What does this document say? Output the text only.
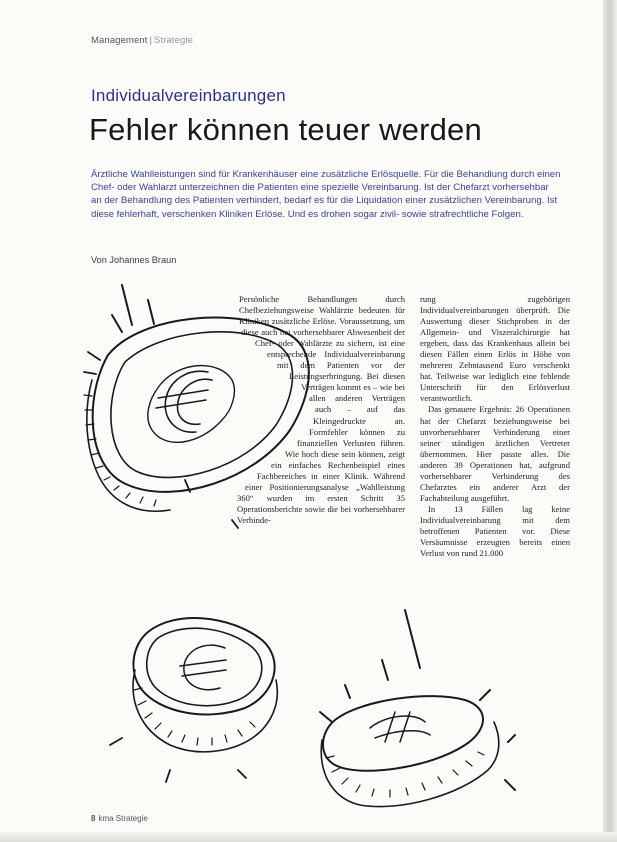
Management | Strategie
Individualvereinbarungen
Fehler können teuer werden

Ärztliche Wahlleistungen sind für Krankenhäuser eine zusätzliche Erlösquelle. Für die Behandlung durch einen Chef- oder Wahlarzt unterzeichnen die Patienten eine spezielle Vereinbarung. Ist der Chefarzt vorhersehbar an der Behandlung des Patienten verhindert, bedarf es für die Liquidation einer zusätzlichen Vereinbarung. Ist diese fehlerhaft, verschenken Kliniken Erlöse. Und es drohen sogar zivil- sowie strafrechtliche Folgen.

Von Johannes Braun

Persönliche Behandlungen durch Chefbeziehungsweise Wahlärzte bedeuten für Kliniken zusätzliche Erlöse. Voraussetzung, um diese auch bei vorhersehbarer Abwesenheit der Chef- oder Wahlärzte zu sichern, ist eine entsprechende Individualvereinbarung mit dem Patienten vor der Leistungserbringung. Bei diesen Verträgen kommt es – wie bei allen anderen Verträgen auch – auf das Kleingedruckte an. Formfehler können zu finanziellen Verlusten führen. Wie hoch diese sein können, zeigt ein einfaches Rechenbeispiel eines Fachbereiches in einer Klinik. Während einer Positionierungsanalyse „Wahlleistung 360“ wurden im ersten Schritt 35 Operationsberichte sowie die bei vorhersehbarer Verhinde-

rung zugehörigen Individualvereinbarungen überprüft. Die Auswertung dieser Stichproben in der Allgemein- und Viszeralchirurgie hat ergeben, dass das Krankenhaus allein bei diesen Fällen einen Erlös in Höhe von mehreren Zehntausend Euro verschenkt hat. Teilweise war lediglich eine fehlende Unterschrift für den Erlösverlust verantwortlich.

Das genauere Ergebnis: 26 Operationen hat der Chefarzt beziehungsweise bei unvorhersehbarer Verhinderung einer seiner ständigen ärztlichen Vertreter übernommen. Hier passte alles. Die anderen 39 Operationen hat, aufgrund vorhersehbarer Verhinderung des Chefarztes ein anderer Arzt der Fachabteilung ausgeführt.

In 13 Fällen lag keine Individualvereinbarung mit dem betroffenen Patienten vor. Diese Versäumnisse erzeugten bereits einen Verlust von rund 21.000

8 kma Strategie
